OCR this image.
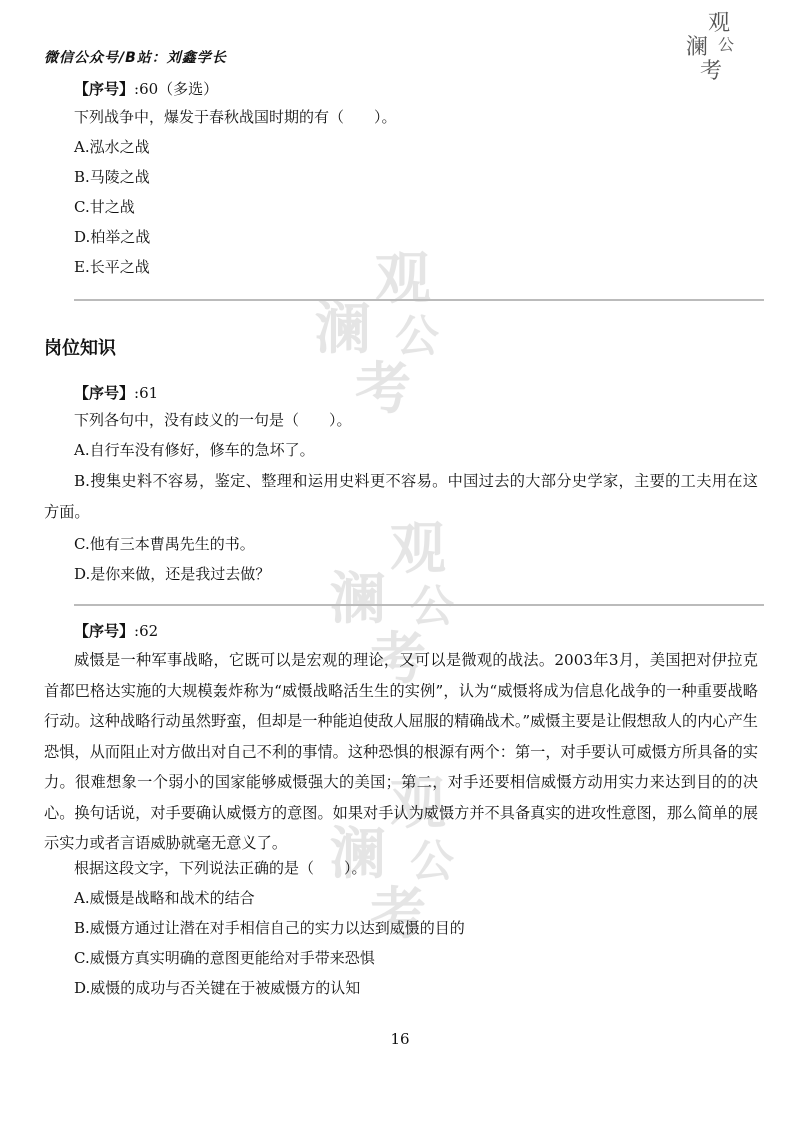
微信公众号/B站：刘鑫学长
观
澜 公
考
观
澜 公
考
观
澜 公
考
观
澜 公
考
【序号】:60（多选）
下列战争中，爆发于春秋战国时期的有（　　）。
A.泓水之战
B.马陵之战
C.甘之战
D.柏举之战
E.长平之战
岗位知识
【序号】:61
下列各句中，没有歧义的一句是（　　）。
A.自行车没有修好，修车的急坏了。
B.搜集史料不容易，鉴定、整理和运用史料更不容易。中国过去的大部分史学家，主要的工夫用在这方面。
C.他有三本曹禺先生的书。
D.是你来做，还是我过去做？
【序号】:62
威慑是一种军事战略，它既可以是宏观的理论，又可以是微观的战法。2003年3月，美国把对伊拉克首都巴格达实施的大规模轰炸称为“威慑战略活生生的实例”，认为“威慑将成为信息化战争的一种重要战略行动。这种战略行动虽然野蛮，但却是一种能迫使敌人屈服的精确战术。”威慑主要是让假想敌人的内心产生恐惧，从而阻止对方做出对自己不利的事情。这种恐惧的根源有两个：第一，对手要认可威慑方所具备的实力。很难想象一个弱小的国家能够威慑强大的美国；第二，对手还要相信威慑方动用实力来达到目的的决心。换句话说，对手要确认威慑方的意图。如果对手认为威慑方并不具备真实的进攻性意图，那么简单的展示实力或者言语威胁就毫无意义了。
根据这段文字，下列说法正确的是（　　）。
A.威慑是战略和战术的结合
B.威慑方通过让潜在对手相信自己的实力以达到威慑的目的
C.威慑方真实明确的意图更能给对手带来恐惧
D.威慑的成功与否关键在于被威慑方的认知
16
